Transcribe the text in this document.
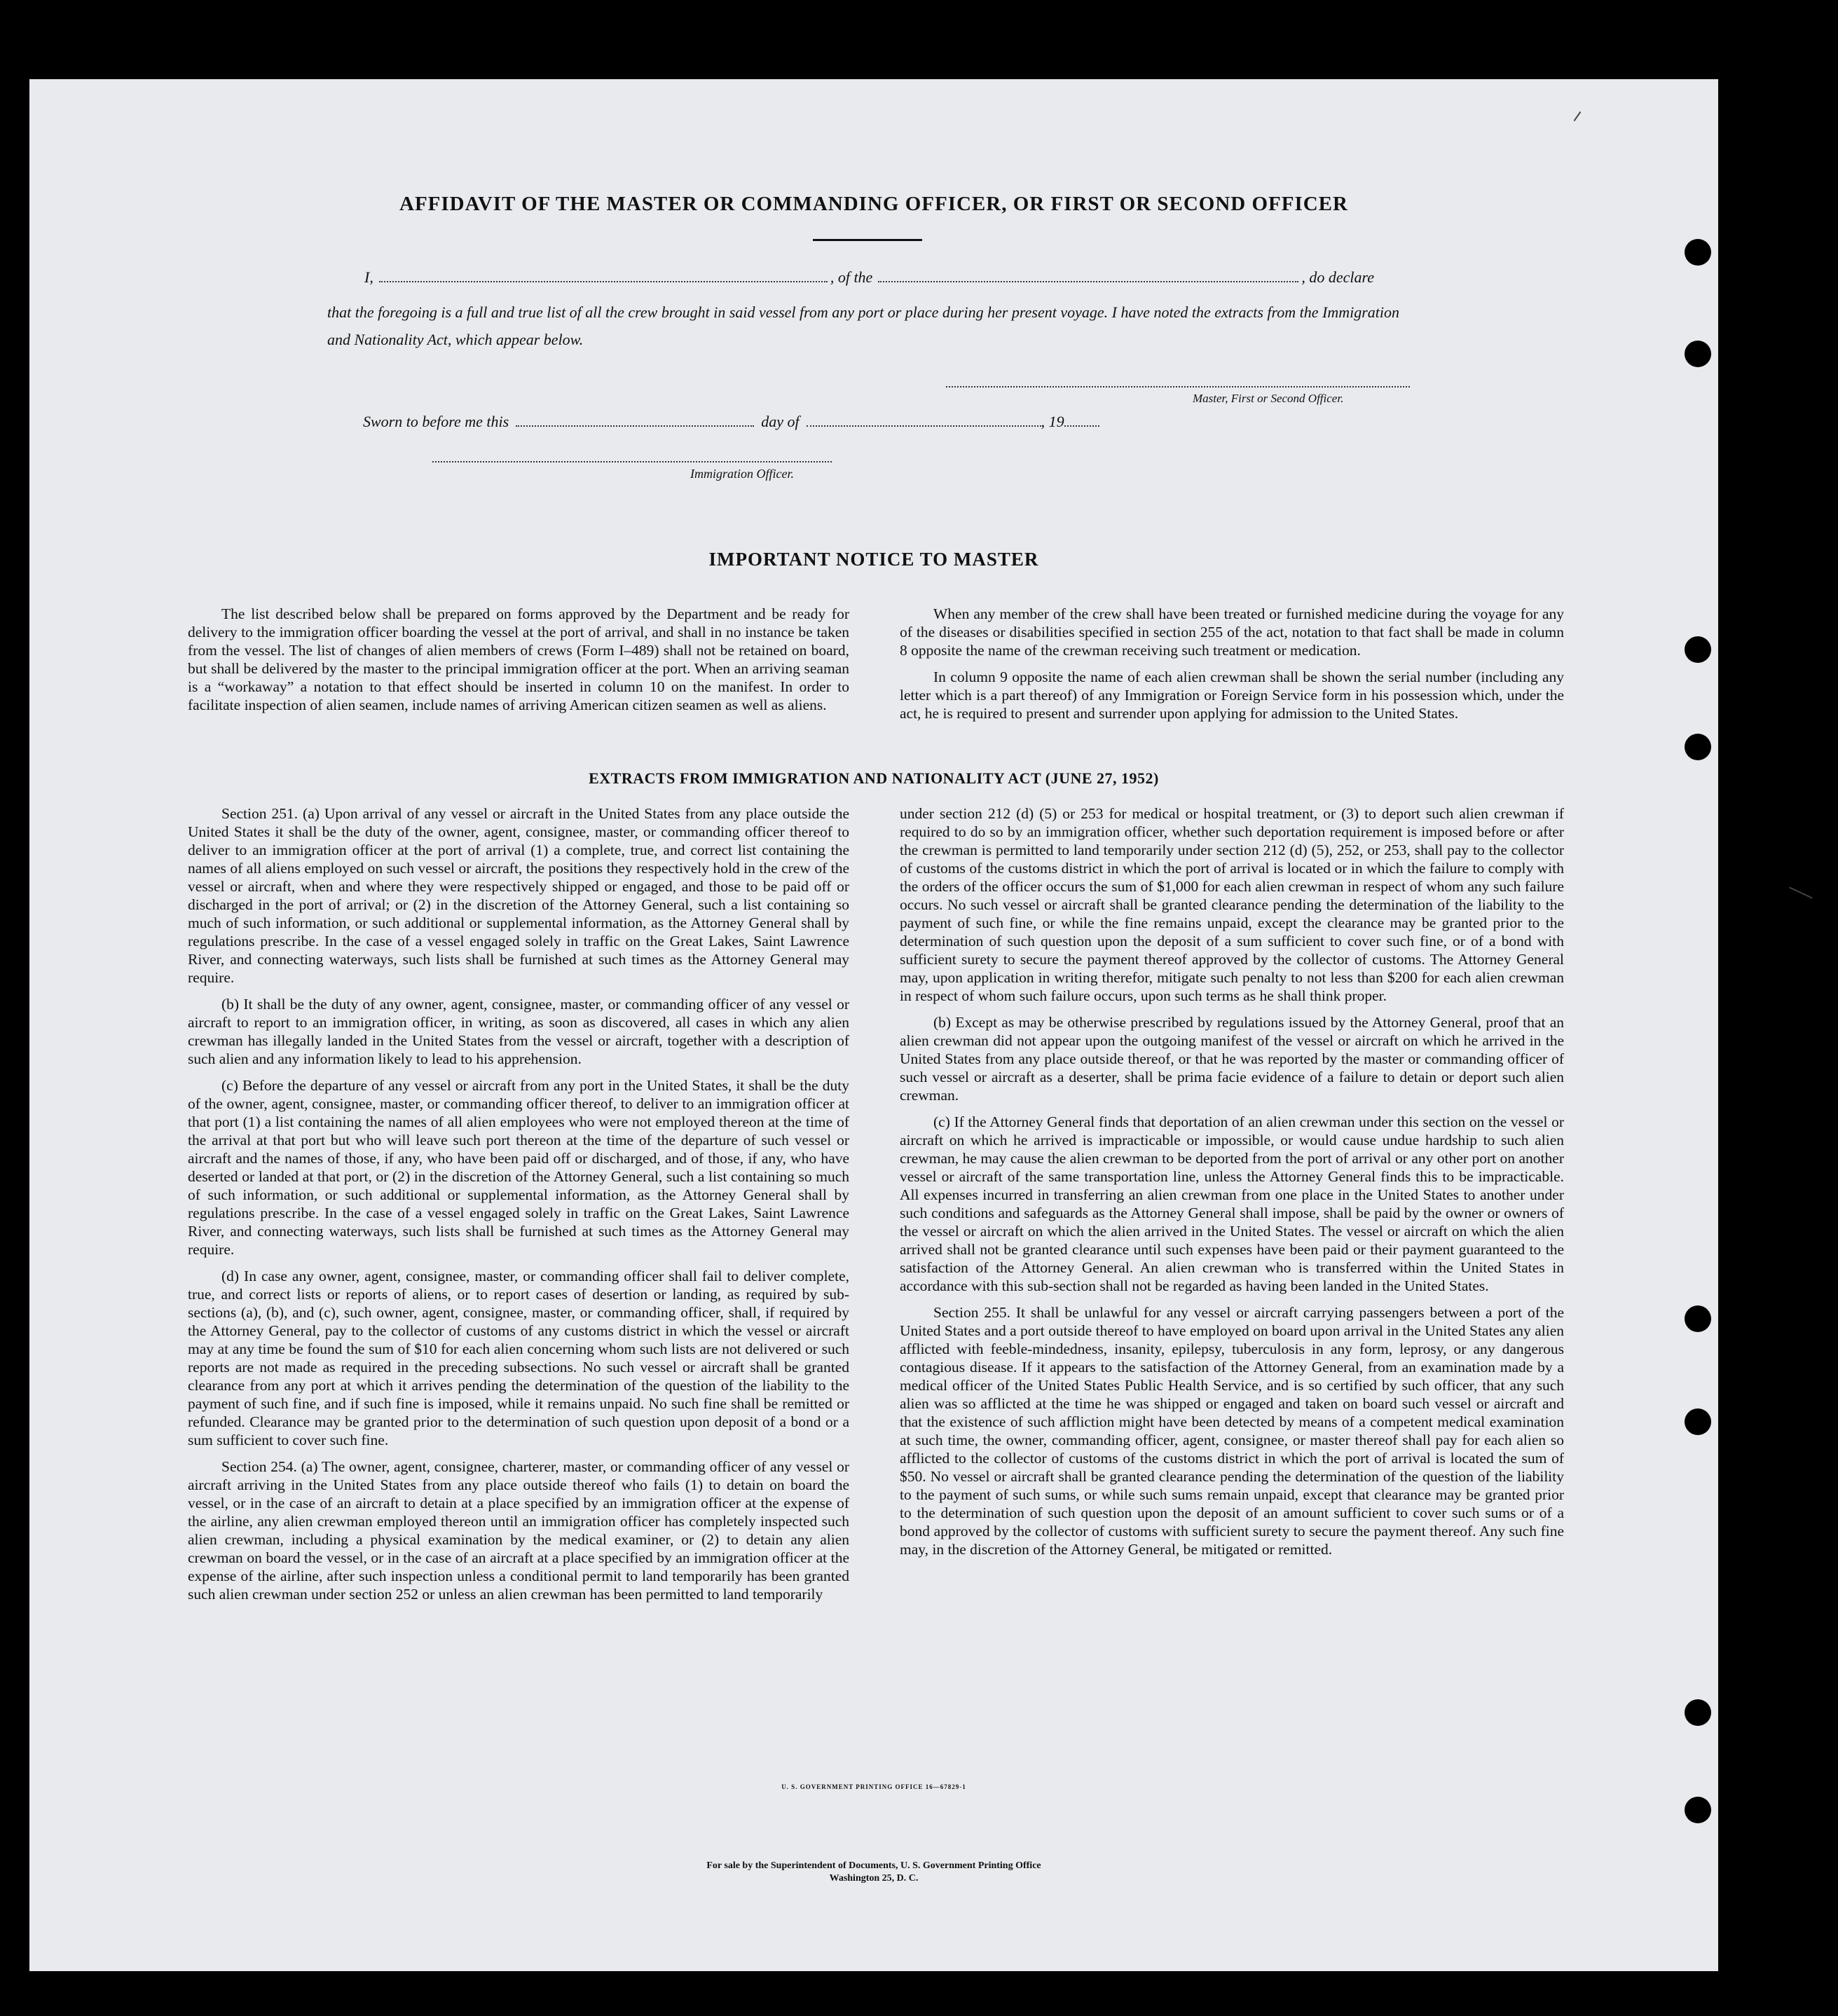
AFFIDAVIT OF THE MASTER OR COMMANDING OFFICER, OR FIRST OR SECOND OFFICER
I,	, of the	, do declare
that the foregoing is a full and true list of all the crew brought in said vessel from any port or place during her present voyage. I have noted the extracts from the Immigration and Nationality Act, which appear below.
Master, First or Second Officer.
Sworn to before me this	day of	, 19
Immigration Officer.
IMPORTANT NOTICE TO MASTER

The list described below shall be prepared on forms approved by the Department and be ready for delivery to the immigration officer boarding the vessel at the port of arrival, and shall in no instance be taken from the vessel. The list of changes of alien members of crews (Form I–489) shall not be retained on board, but shall be delivered by the master to the principal immigration officer at the port. When an arriving seaman is a “workaway” a notation to that effect should be inserted in column 10 on the manifest. In order to facilitate inspection of alien seamen, include names of arriving American citizen seamen as well as aliens.

When any member of the crew shall have been treated or furnished medicine during the voyage for any of the diseases or disabilities specified in section 255 of the act, notation to that fact shall be made in column 8 opposite the name of the crewman receiving such treatment or medication.

In column 9 opposite the name of each alien crewman shall be shown the serial number (including any letter which is a part thereof) of any Immigration or Foreign Service form in his possession which, under the act, he is required to present and surrender upon applying for admission to the United States.

EXTRACTS FROM IMMIGRATION AND NATIONALITY ACT (JUNE 27, 1952)

Section 251. (a) Upon arrival of any vessel or aircraft in the United States from any place outside the United States it shall be the duty of the owner, agent, consignee, master, or commanding officer thereof to deliver to an immigration officer at the port of arrival (1) a complete, true, and correct list containing the names of all aliens employed on such vessel or aircraft, the positions they respectively hold in the crew of the vessel or aircraft, when and where they were respectively shipped or engaged, and those to be paid off or discharged in the port of arrival; or (2) in the discretion of the Attorney General, such a list containing so much of such information, or such additional or supplemental information, as the Attorney General shall by regulations prescribe. In the case of a vessel engaged solely in traffic on the Great Lakes, Saint Lawrence River, and connecting waterways, such lists shall be furnished at such times as the Attorney General may require.

(b) It shall be the duty of any owner, agent, consignee, master, or commanding officer of any vessel or aircraft to report to an immigration officer, in writing, as soon as discovered, all cases in which any alien crewman has illegally landed in the United States from the vessel or aircraft, together with a description of such alien and any information likely to lead to his apprehension.

(c) Before the departure of any vessel or aircraft from any port in the United States, it shall be the duty of the owner, agent, consignee, master, or commanding officer thereof, to deliver to an immigration officer at that port (1) a list containing the names of all alien employees who were not employed thereon at the time of the arrival at that port but who will leave such port thereon at the time of the departure of such vessel or aircraft and the names of those, if any, who have been paid off or discharged, and of those, if any, who have deserted or landed at that port, or (2) in the discretion of the Attorney General, such a list containing so much of such information, or such additional or supplemental information, as the Attorney General shall by regulations prescribe. In the case of a vessel engaged solely in traffic on the Great Lakes, Saint Lawrence River, and connecting waterways, such lists shall be furnished at such times as the Attorney General may require.

(d) In case any owner, agent, consignee, master, or commanding officer shall fail to deliver complete, true, and correct lists or reports of aliens, or to report cases of desertion or landing, as required by sub-sections (a), (b), and (c), such owner, agent, consignee, master, or commanding officer, shall, if required by the Attorney General, pay to the collector of customs of any customs district in which the vessel or aircraft may at any time be found the sum of $10 for each alien concerning whom such lists are not delivered or such reports are not made as required in the preceding subsections. No such vessel or aircraft shall be granted clearance from any port at which it arrives pending the determination of the question of the liability to the payment of such fine, and if such fine is imposed, while it remains unpaid. No such fine shall be remitted or refunded. Clearance may be granted prior to the determination of such question upon deposit of a bond or a sum sufficient to cover such fine.

Section 254. (a) The owner, agent, consignee, charterer, master, or commanding officer of any vessel or aircraft arriving in the United States from any place outside thereof who fails (1) to detain on board the vessel, or in the case of an aircraft to detain at a place specified by an immigration officer at the expense of the airline, any alien crewman employed thereon until an immigration officer has completely inspected such alien crewman, including a physical examination by the medical examiner, or (2) to detain any alien crewman on board the vessel, or in the case of an aircraft at a place specified by an immigration officer at the expense of the airline, after such inspection unless a conditional permit to land temporarily has been granted such alien crewman under section 252 or unless an alien crewman has been permitted to land temporarily

under section 212 (d) (5) or 253 for medical or hospital treatment, or (3) to deport such alien crewman if required to do so by an immigration officer, whether such deportation requirement is imposed before or after the crewman is permitted to land temporarily under section 212 (d) (5), 252, or 253, shall pay to the collector of customs of the customs district in which the port of arrival is located or in which the failure to comply with the orders of the officer occurs the sum of $1,000 for each alien crewman in respect of whom any such failure occurs. No such vessel or aircraft shall be granted clearance pending the determination of the liability to the payment of such fine, or while the fine remains unpaid, except the clearance may be granted prior to the determination of such question upon the deposit of a sum sufficient to cover such fine, or of a bond with sufficient surety to secure the payment thereof approved by the collector of customs. The Attorney General may, upon application in writing therefor, mitigate such penalty to not less than $200 for each alien crewman in respect of whom such failure occurs, upon such terms as he shall think proper.

(b) Except as may be otherwise prescribed by regulations issued by the Attorney General, proof that an alien crewman did not appear upon the outgoing manifest of the vessel or aircraft on which he arrived in the United States from any place outside thereof, or that he was reported by the master or commanding officer of such vessel or aircraft as a deserter, shall be prima facie evidence of a failure to detain or deport such alien crewman.

(c) If the Attorney General finds that deportation of an alien crewman under this section on the vessel or aircraft on which he arrived is impracticable or impossible, or would cause undue hardship to such alien crewman, he may cause the alien crewman to be deported from the port of arrival or any other port on another vessel or aircraft of the same transportation line, unless the Attorney General finds this to be impracticable. All expenses incurred in transferring an alien crewman from one place in the United States to another under such conditions and safeguards as the Attorney General shall impose, shall be paid by the owner or owners of the vessel or aircraft on which the alien arrived in the United States. The vessel or aircraft on which the alien arrived shall not be granted clearance until such expenses have been paid or their payment guaranteed to the satisfaction of the Attorney General. An alien crewman who is transferred within the United States in accordance with this sub-section shall not be regarded as having been landed in the United States.

Section 255. It shall be unlawful for any vessel or aircraft carrying passengers between a port of the United States and a port outside thereof to have employed on board upon arrival in the United States any alien afflicted with feeble-mindedness, insanity, epilepsy, tuberculosis in any form, leprosy, or any dangerous contagious disease. If it appears to the satisfaction of the Attorney General, from an examination made by a medical officer of the United States Public Health Service, and is so certified by such officer, that any such alien was so afflicted at the time he was shipped or engaged and taken on board such vessel or aircraft and that the existence of such affliction might have been detected by means of a competent medical examination at such time, the owner, commanding officer, agent, consignee, or master thereof shall pay for each alien so afflicted to the collector of customs of the customs district in which the port of arrival is located the sum of $50. No vessel or aircraft shall be granted clearance pending the determination of the question of the liability to the payment of such sums, or while such sums remain unpaid, except that clearance may be granted prior to the determination of such question upon the deposit of an amount sufficient to cover such sums or of a bond approved by the collector of customs with sufficient surety to secure the payment thereof. Any such fine may, in the discretion of the Attorney General, be mitigated or remitted.

U. S. GOVERNMENT PRINTING OFFICE 16—67829-1
For sale by the Superintendent of Documents, U. S. Government Printing Office
Washington 25, D. C.
